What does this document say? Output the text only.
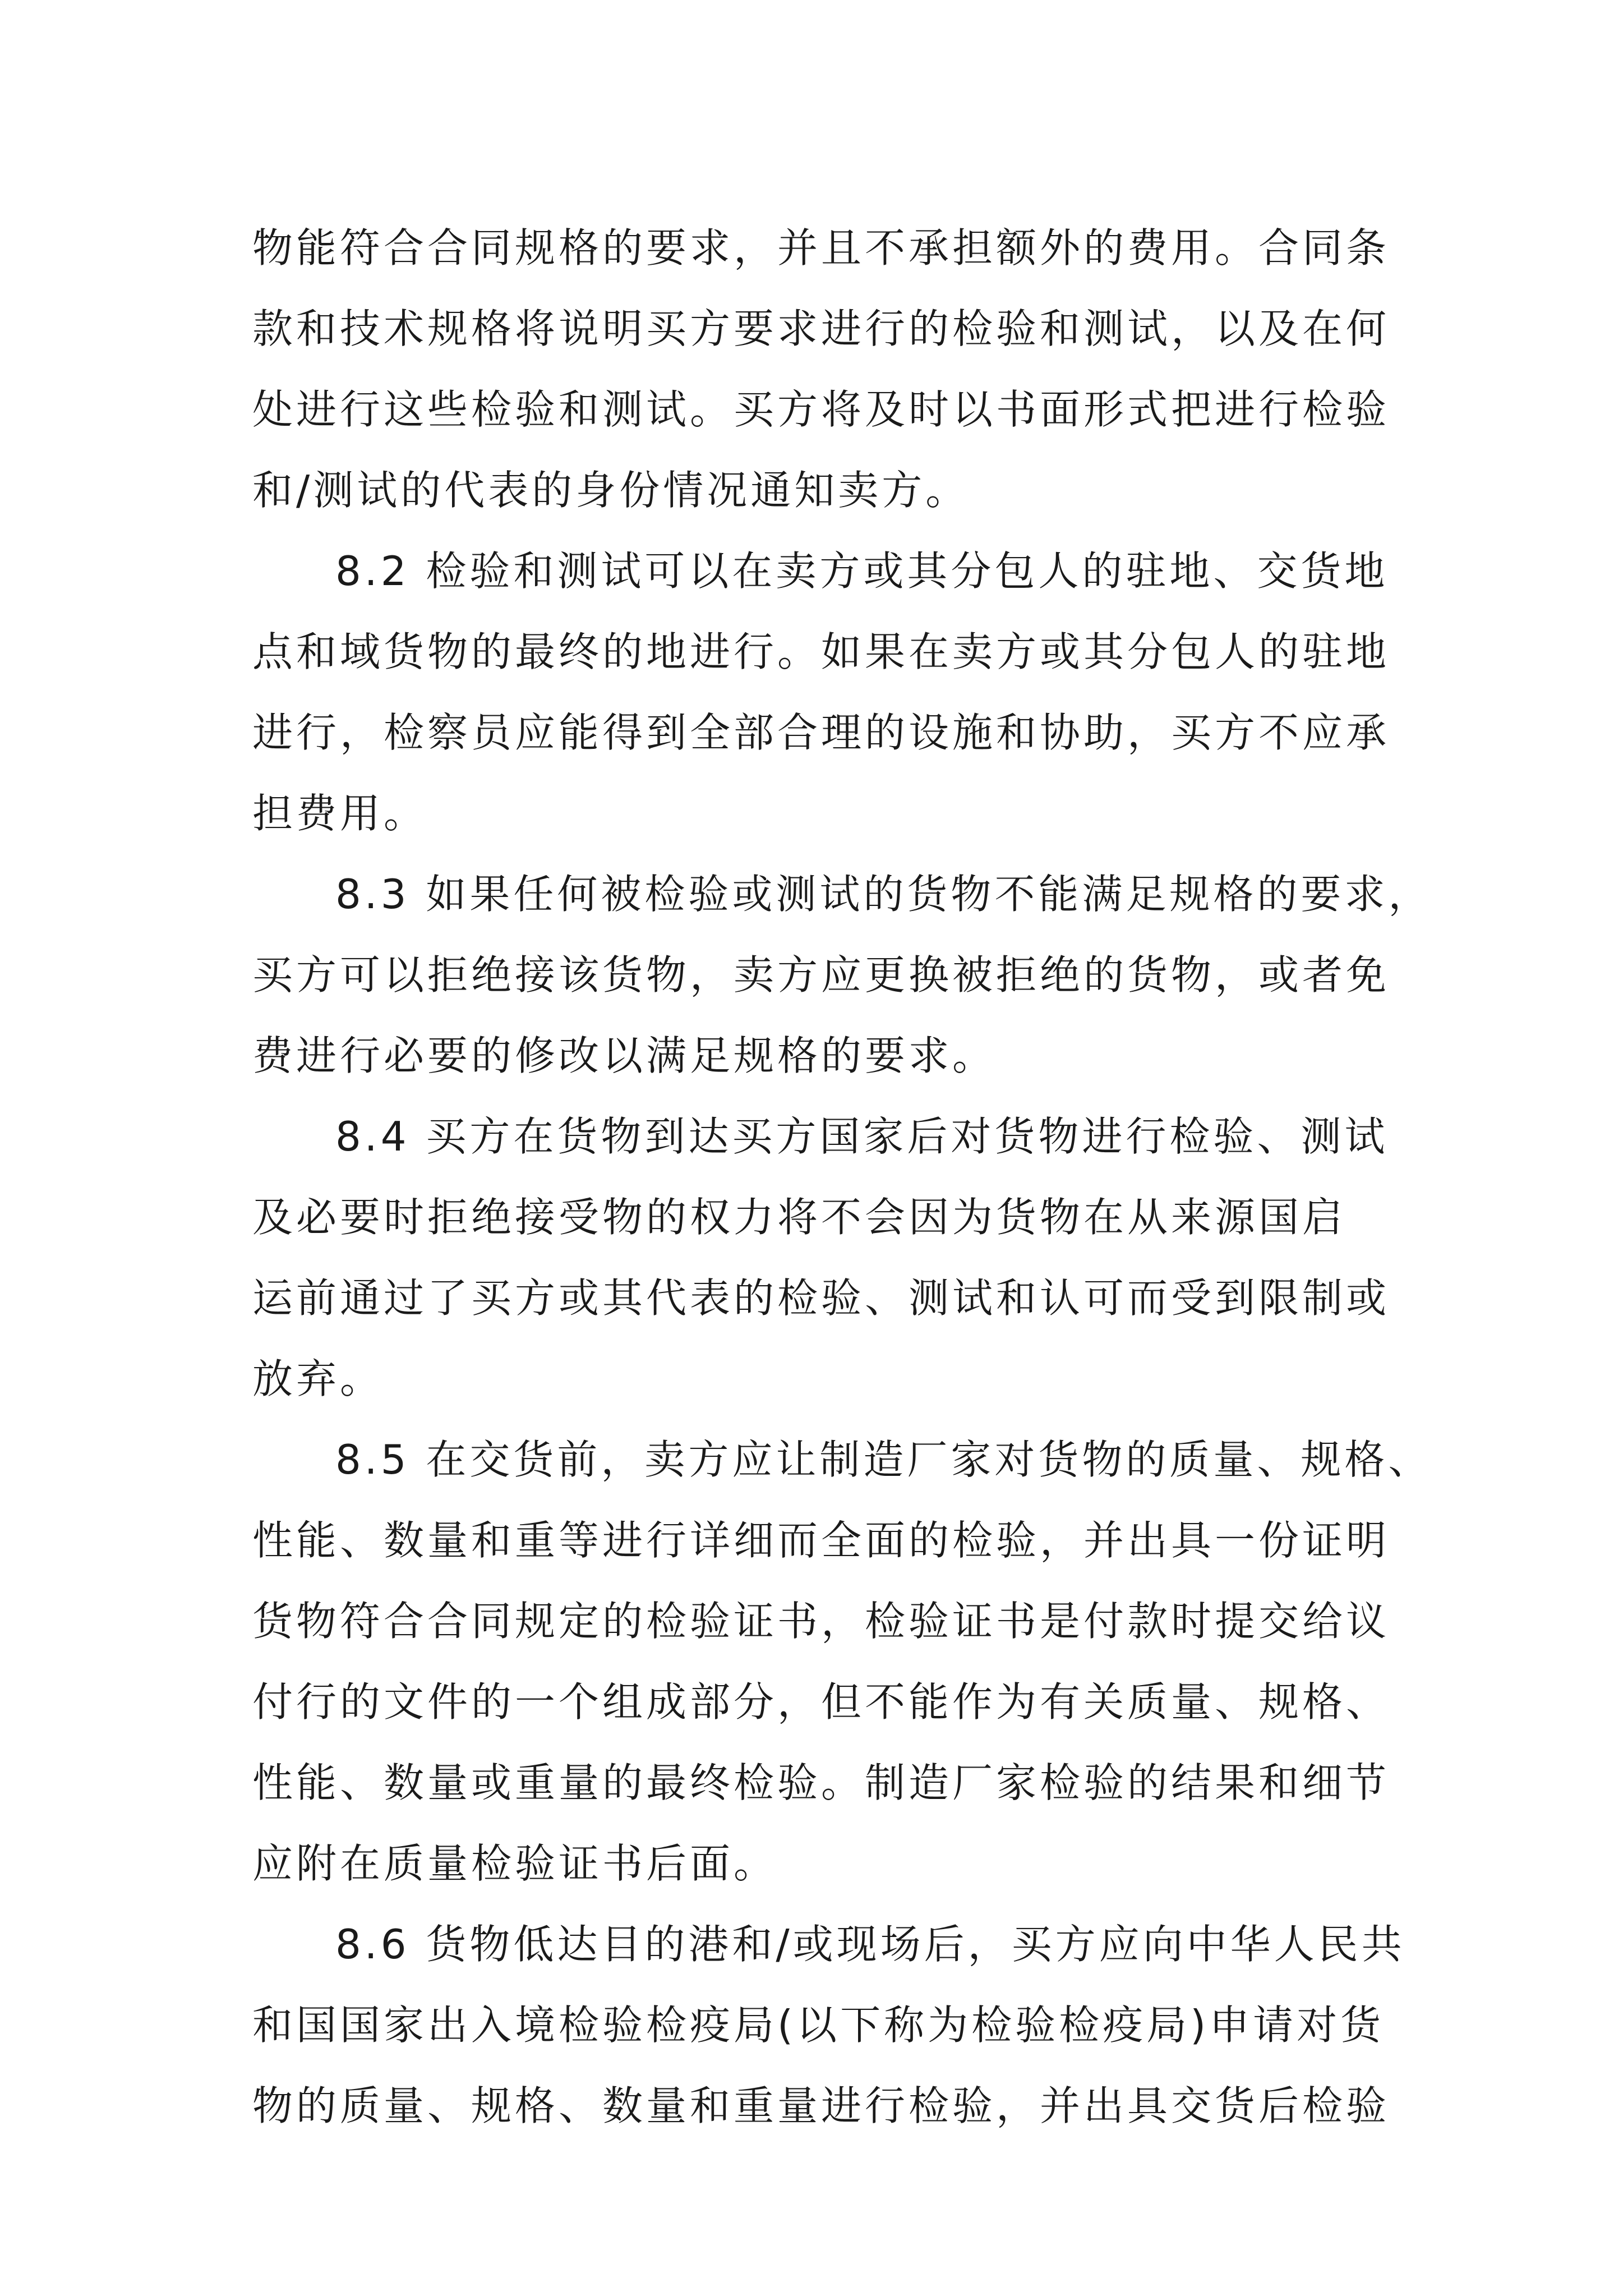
物能符合合同规格的要求，并且不承担额外的费用。合同条
款和技术规格将说明买方要求进行的检验和测试，以及在何
处进行这些检验和测试。买方将及时以书面形式把进行检验
和/测试的代表的身份情况通知卖方。
8.2 检验和测试可以在卖方或其分包人的驻地、交货地
点和域货物的最终的地进行。如果在卖方或其分包人的驻地
进行，检察员应能得到全部合理的设施和协助，买方不应承
担费用。
8.3 如果任何被检验或测试的货物不能满足规格的要求，
买方可以拒绝接该货物，卖方应更换被拒绝的货物，或者免
费进行必要的修改以满足规格的要求。
8.4 买方在货物到达买方国家后对货物进行检验、测试
及必要时拒绝接受物的权力将不会因为货物在从来源国启
运前通过了买方或其代表的检验、测试和认可而受到限制或
放弃。
8.5 在交货前，卖方应让制造厂家对货物的质量、规格、
性能、数量和重等进行详细而全面的检验，并出具一份证明
货物符合合同规定的检验证书，检验证书是付款时提交给议
付行的文件的一个组成部分，但不能作为有关质量、规格、
性能、数量或重量的最终检验。制造厂家检验的结果和细节
应附在质量检验证书后面。
8.6 货物低达目的港和/或现场后，买方应向中华人民共
和国国家出入境检验检疫局(以下称为检验检疫局)申请对货
物的质量、规格、数量和重量进行检验，并出具交货后检验
